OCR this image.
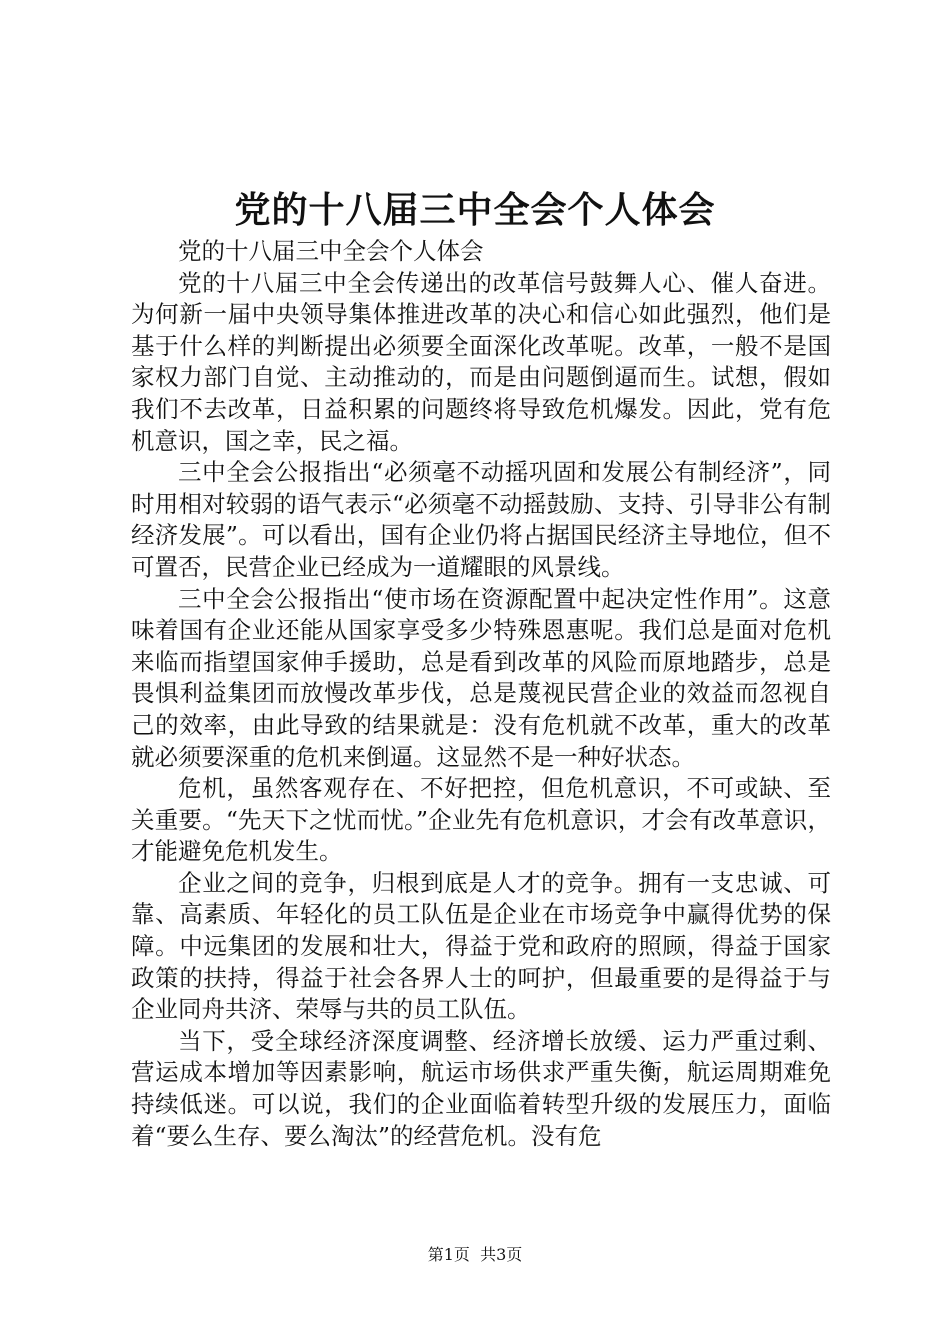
党的十八届三中全会个人体会

党的十八届三中全会个人体会

党的十八届三中全会传递出的改革信号鼓舞人心、催人奋进。为何新一届中央领导集体推进改革的决心和信心如此强烈，他们是基于什么样的判断提出必须要全面深化改革呢。改革，一般不是国家权力部门自觉、主动推动的，而是由问题倒逼而生。试想，假如我们不去改革，日益积累的问题终将导致危机爆发。因此，党有危机意识，国之幸，民之福。

三中全会公报指出“必须毫不动摇巩固和发展公有制经济”，同时用相对较弱的语气表示“必须毫不动摇鼓励、支持、引导非公有制经济发展”。可以看出，国有企业仍将占据国民经济主导地位，但不可置否，民营企业已经成为一道耀眼的风景线。

三中全会公报指出“使市场在资源配置中起决定性作用”。这意味着国有企业还能从国家享受多少特殊恩惠呢。我们总是面对危机来临而指望国家伸手援助，总是看到改革的风险而原地踏步，总是畏惧利益集团而放慢改革步伐，总是蔑视民营企业的效益而忽视自己的效率，由此导致的结果就是：没有危机就不改革，重大的改革就必须要深重的危机来倒逼。这显然不是一种好状态。

危机，虽然客观存在、不好把控，但危机意识，不可或缺、至关重要。“先天下之忧而忧。”企业先有危机意识，才会有改革意识，才能避免危机发生。

企业之间的竞争，归根到底是人才的竞争。拥有一支忠诚、可靠、高素质、年轻化的员工队伍是企业在市场竞争中赢得优势的保障。中远集团的发展和壮大，得益于党和政府的照顾，得益于国家政策的扶持，得益于社会各界人士的呵护，但最重要的是得益于与企业同舟共济、荣辱与共的员工队伍。

当下，受全球经济深度调整、经济增长放缓、运力严重过剩、营运成本增加等因素影响，航运市场供求严重失衡，航运周期难免持续低迷。可以说，我们的企业面临着转型升级的发展压力，面临着“要么生存、要么淘汰”的经营危机。没有危

第1页  共3页
